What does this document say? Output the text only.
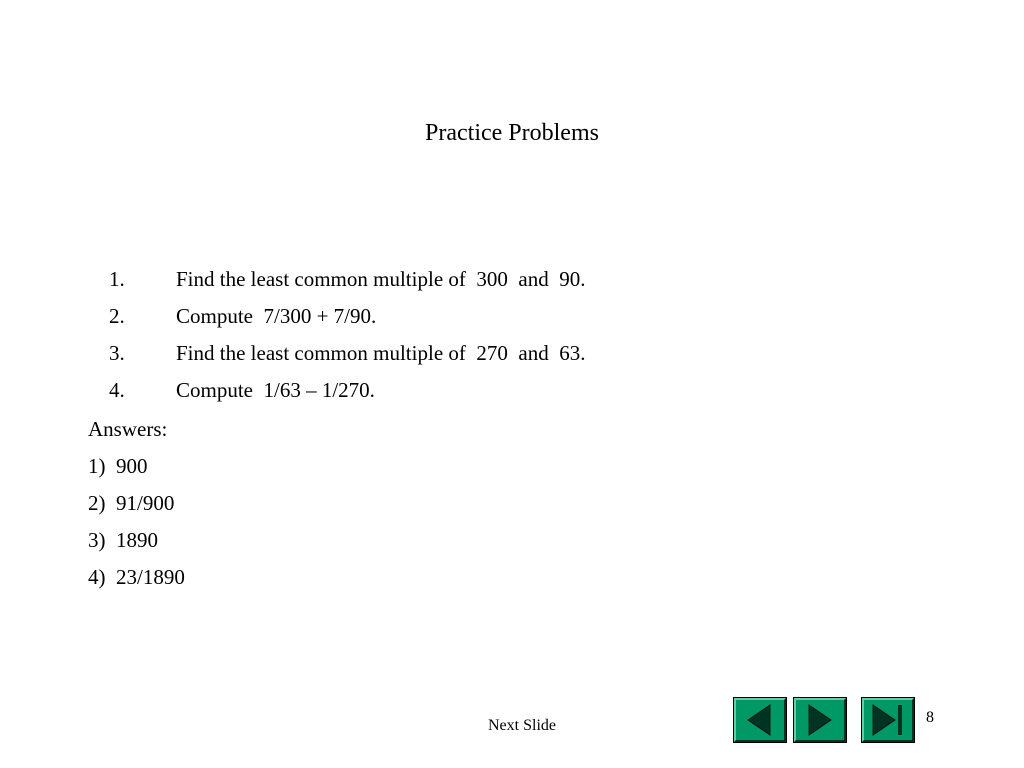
Practice Problems

1. Find the least common multiple of  300  and  90.

2. Compute  7/300 + 7/90.

3. Find the least common multiple of  270  and  63.

4. Compute  1/63 – 1/270.

Answers:
1)  900
2)  91/900
3)  1890
4)  23/1890
Next Slide	8
